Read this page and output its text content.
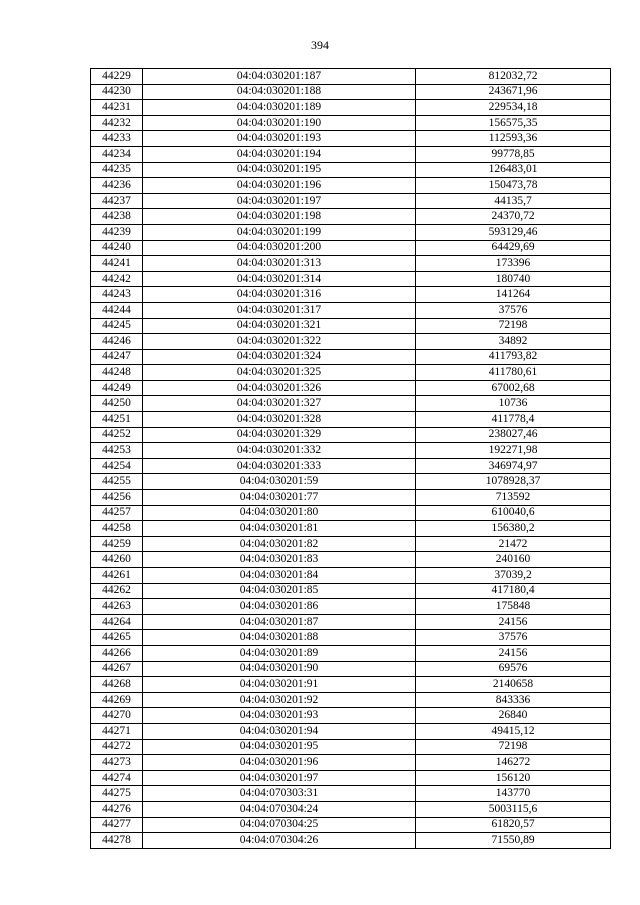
394
44229	04:04:030201:187	812032,72
44230	04:04:030201:188	243671,96
44231	04:04:030201:189	229534,18
44232	04:04:030201:190	156575,35
44233	04:04:030201:193	112593,36
44234	04:04:030201:194	99778,85
44235	04:04:030201:195	126483,01
44236	04:04:030201:196	150473,78
44237	04:04:030201:197	44135,7
44238	04:04:030201:198	24370,72
44239	04:04:030201:199	593129,46
44240	04:04:030201:200	64429,69
44241	04:04:030201:313	173396
44242	04:04:030201:314	180740
44243	04:04:030201:316	141264
44244	04:04:030201:317	37576
44245	04:04:030201:321	72198
44246	04:04:030201:322	34892
44247	04:04:030201:324	411793,82
44248	04:04:030201:325	411780,61
44249	04:04:030201:326	67002,68
44250	04:04:030201:327	10736
44251	04:04:030201:328	411778,4
44252	04:04:030201:329	238027,46
44253	04:04:030201:332	192271,98
44254	04:04:030201:333	346974,97
44255	04:04:030201:59	1078928,37
44256	04:04:030201:77	713592
44257	04:04:030201:80	610040,6
44258	04:04:030201:81	156380,2
44259	04:04:030201:82	21472
44260	04:04:030201:83	240160
44261	04:04:030201:84	37039,2
44262	04:04:030201:85	417180,4
44263	04:04:030201:86	175848
44264	04:04:030201:87	24156
44265	04:04:030201:88	37576
44266	04:04:030201:89	24156
44267	04:04:030201:90	69576
44268	04:04:030201:91	2140658
44269	04:04:030201:92	843336
44270	04:04:030201:93	26840
44271	04:04:030201:94	49415,12
44272	04:04:030201:95	72198
44273	04:04:030201:96	146272
44274	04:04:030201:97	156120
44275	04:04:070303:31	143770
44276	04:04:070304:24	5003115,6
44277	04:04:070304:25	61820,57
44278	04:04:070304:26	71550,89
